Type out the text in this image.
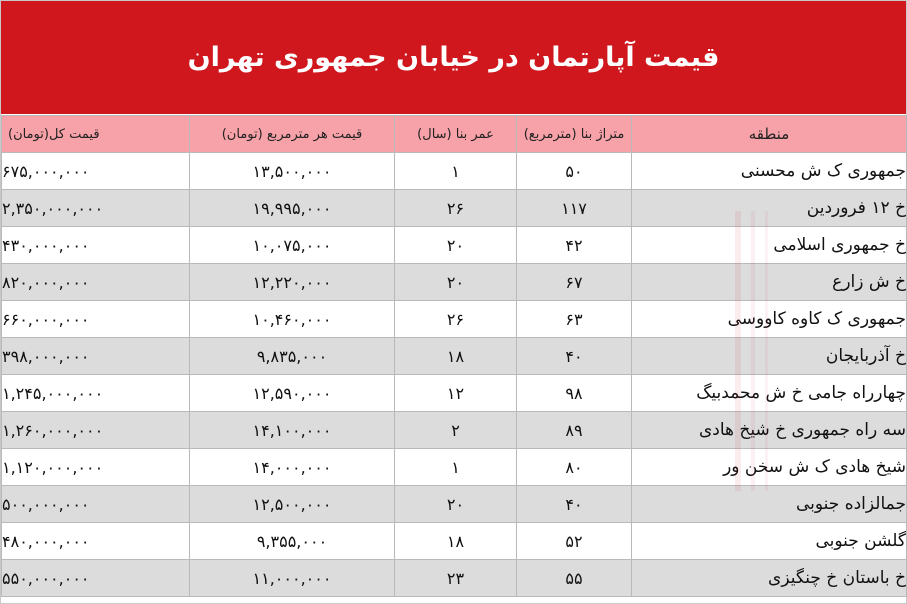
قیمت آپارتمان در خیابان جمهوری تهران
منطقه	متراژ بنا (مترمربع)	عمر بنا (سال)	قیمت هر مترمربع (تومان)	قیمت کل(تومان)
جمهوری ک ش محسنی	۵۰	۱	۱۳,۵۰۰,۰۰۰	۶۷۵,۰۰۰,۰۰۰
خ ۱۲ فروردین	۱۱۷	۲۶	۱۹,۹۹۵,۰۰۰	۲,۳۵۰,۰۰۰,۰۰۰
خ جمهوری اسلامی	۴۲	۲۰	۱۰,۰۷۵,۰۰۰	۴۳۰,۰۰۰,۰۰۰
خ ش زارع	۶۷	۲۰	۱۲,۲۲۰,۰۰۰	۸۲۰,۰۰۰,۰۰۰
جمهوری ک کاوه کاووسی	۶۳	۲۶	۱۰,۴۶۰,۰۰۰	۶۶۰,۰۰۰,۰۰۰
خ آذربایجان	۴۰	۱۸	۹,۸۳۵,۰۰۰	۳۹۸,۰۰۰,۰۰۰
چهارراه جامی خ ش محمدبیگ	۹۸	۱۲	۱۲,۵۹۰,۰۰۰	۱,۲۴۵,۰۰۰,۰۰۰
سه راه جمهوری خ شیخ هادی	۸۹	۲	۱۴,۱۰۰,۰۰۰	۱,۲۶۰,۰۰۰,۰۰۰
شیخ هادی ک ش سخن ور	۸۰	۱	۱۴,۰۰۰,۰۰۰	۱,۱۲۰,۰۰۰,۰۰۰
جمالزاده جنوبی	۴۰	۲۰	۱۲,۵۰۰,۰۰۰	۵۰۰,۰۰۰,۰۰۰
گلشن جنوبی	۵۲	۱۸	۹,۳۵۵,۰۰۰	۴۸۰,۰۰۰,۰۰۰
خ باستان خ چنگیزی	۵۵	۲۳	۱۱,۰۰۰,۰۰۰	۵۵۰,۰۰۰,۰۰۰
